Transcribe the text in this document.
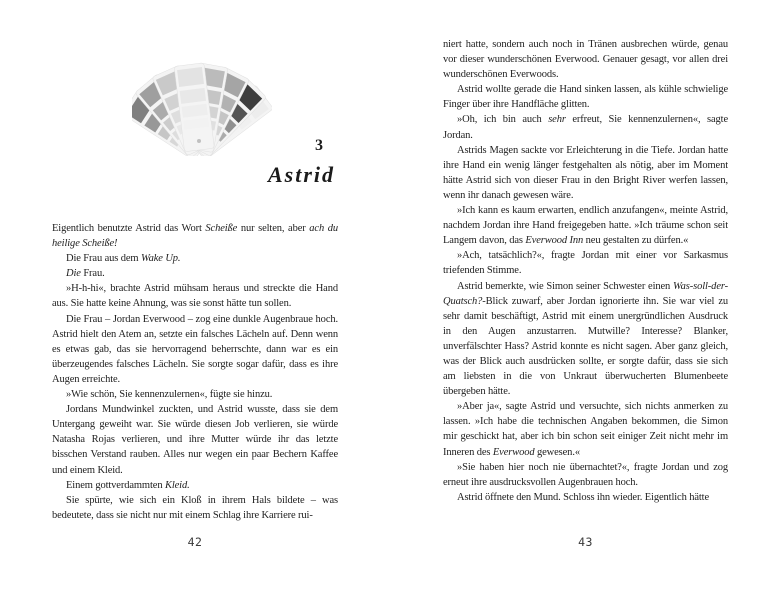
3
Astrid

Eigentlich benutzte Astrid das Wort Scheiße nur selten, aber ach du heilige Scheiße!

Die Frau aus dem Wake Up.

Die Frau.

»H-h-hi«, brachte Astrid mühsam heraus und streckte die Hand aus. Sie hatte keine Ahnung, was sie sonst hätte tun sollen.

Die Frau – Jordan Everwood – zog eine dunkle Augenbraue hoch. Astrid hielt den Atem an, setzte ein falsches Lächeln auf. Denn wenn es etwas gab, das sie hervorragend beherrschte, dann war es ein überzeugendes falsches Lächeln. Sie sorgte sogar dafür, dass es ihre Augen erreichte.

»Wie schön, Sie kennenzulernen«, fügte sie hinzu.

Jordans Mundwinkel zuckten, und Astrid wusste, dass sie dem Untergang geweiht war. Sie würde diesen Job verlieren, sie würde Natasha Rojas verlieren, und ihre Mutter würde ihr das letzte bisschen Verstand rauben. Alles nur wegen ein paar Bechern Kaffee und einem Kleid.

Einem gottverdammten Kleid.

Sie spürte, wie sich ein Kloß in ihrem Hals bildete – was bedeutete, dass sie nicht nur mit einem Schlag ihre Karriere rui-

42

niert hatte, sondern auch noch in Tränen ausbrechen würde, genau vor dieser wunderschönen Everwood. Genauer gesagt, vor allen drei wunderschönen Everwoods.

Astrid wollte gerade die Hand sinken lassen, als kühle schwielige Finger über ihre Handfläche glitten.

»Oh, ich bin auch sehr erfreut, Sie kennenzulernen«, sagte Jordan.

Astrids Magen sackte vor Erleichterung in die Tiefe. Jordan hatte ihre Hand ein wenig länger festgehalten als nötig, aber im Moment hätte Astrid sich von dieser Frau in den Bright River werfen lassen, wenn ihr danach gewesen wäre.

»Ich kann es kaum erwarten, endlich anzufangen«, meinte Astrid, nachdem Jordan ihre Hand freigegeben hatte. »Ich träume schon seit Langem davon, das Everwood Inn neu gestalten zu dürfen.«

»Ach, tatsächlich?«, fragte Jordan mit einer vor Sarkasmus triefenden Stimme.

Astrid bemerkte, wie Simon seiner Schwester einen Was-soll-der-Quatsch?-Blick zuwarf, aber Jordan ignorierte ihn. Sie war viel zu sehr damit beschäftigt, Astrid mit einem unergründlichen Ausdruck in den Augen anzustarren. Mutwille? Interesse? Blanker, unverfälschter Hass? Astrid konnte es nicht sagen. Aber ganz gleich, was der Blick auch ausdrücken sollte, er sorgte dafür, dass sie sich am liebsten in die von Unkraut überwucherten Blumenbeete übergeben hätte.

»Aber ja«, sagte Astrid und versuchte, sich nichts anmerken zu lassen. »Ich habe die technischen Angaben bekommen, die Simon mir geschickt hat, aber ich bin schon seit einiger Zeit nicht mehr im Inneren des Everwood gewesen.«

»Sie haben hier noch nie übernachtet?«, fragte Jordan und zog erneut ihre ausdrucksvollen Augenbrauen hoch.

Astrid öffnete den Mund. Schloss ihn wieder. Eigentlich hätte

43
